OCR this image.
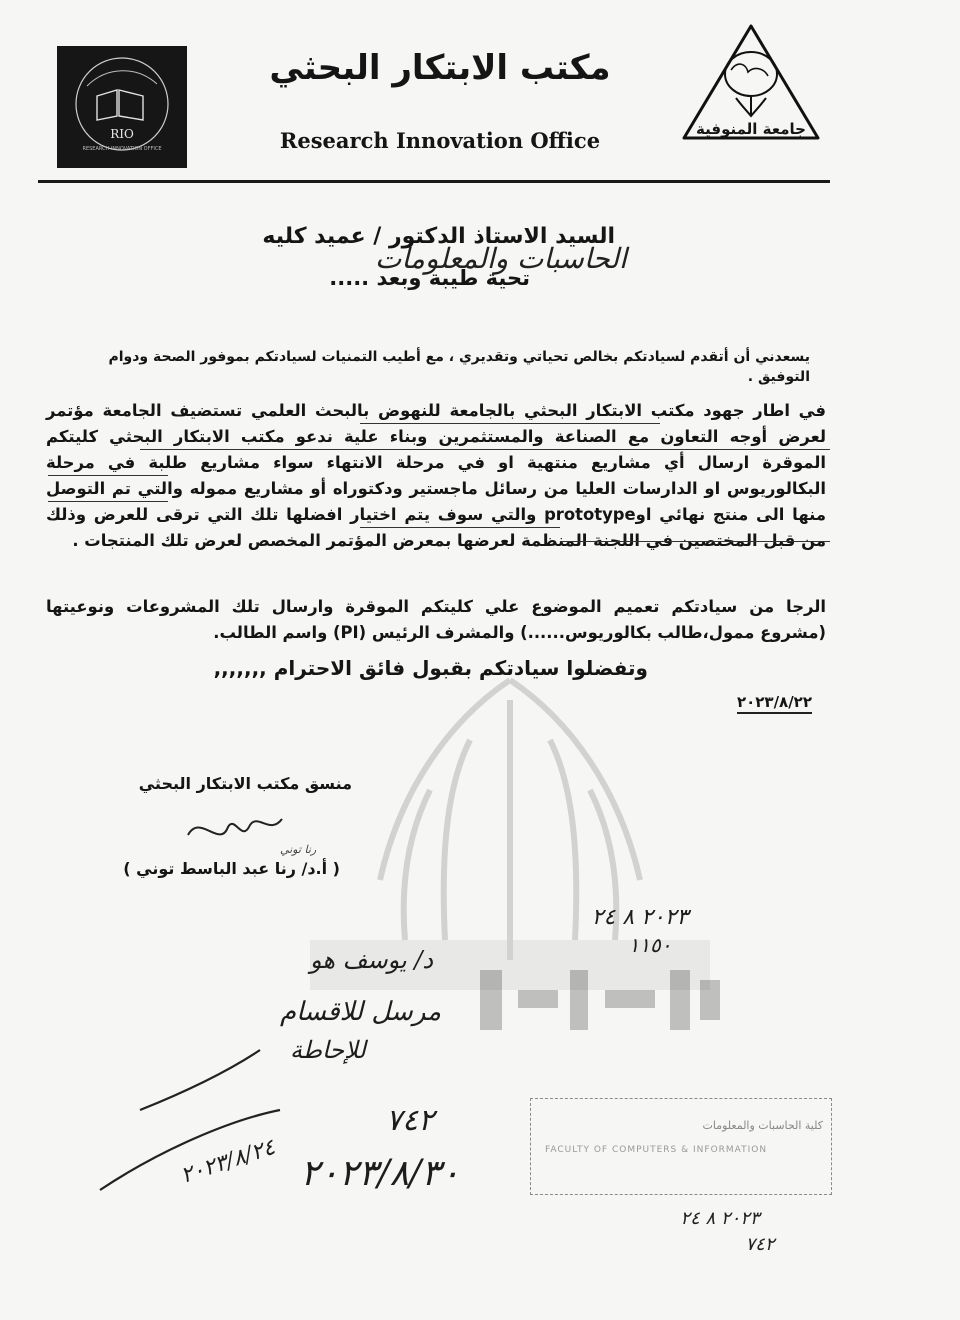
RIO
RESEARCH INNOVATION OFFICE
مكتب الابتكار البحثي
Research Innovation Office	جامعة المنوفية
السيد الاستاذ الدكتور / عميد كليه
الحاسبات والمعلومات
تحية طيبة وبعد .....
يسعدني أن أتقدم لسيادتكم بخالص تحياتي وتقديري ، مع أطيب التمنيات لسيادتكم بموفور الصحة ودوام التوفيق .
في اطار جهود مكتب الابتكار البحثي بالجامعة للنهوض بالبحث العلمي تستضيف الجامعة مؤتمر لعرض أوجه التعاون مع الصناعة والمستثمرين وبناء علية ندعو مكتب الابتكار البحثي كليتكم الموقرة ارسال أي مشاريع منتهية او في مرحلة الانتهاء سواء مشاريع طلبة في مرحلة البكالوريوس او الدارسات العليا من رسائل ماجستير ودكتوراه أو مشاريع مموله والتي تم التوصل منها الى منتج نهائي اوprototype والتي سوف يتم اختيار افضلها تلك التي ترقى للعرض وذلك من قبل المختصين في اللجنة المنظمة لعرضها بمعرض المؤتمر المخصص لعرض تلك المنتجات .
الرجا من سيادتكم تعميم الموضوع علي كليتكم الموقرة وارسال تلك المشروعات ونوعيتها (مشروع ممول،طالب بكالوريوس......) والمشرف الرئيس (PI) واسم الطالب.
وتفضلوا سيادتكم بقبول فائق الاحترام ,,,,,,,
٢٠٢٣/٨/٢٢
منسق مكتب الابتكار البحثي
رنا توني
( أ.د/ رنا عبد الباسط توني )
٢٠٢٣ ٨ ٢٤
١١٥٠
د/ يوسف هو
مرسل للاقسام
للإحاطة
٢٠٢٣/٨/٢٤
٧٤٢
٢٠٢٣/٨/٣٠
كلية الحاسبات والمعلومات
FACULTY OF COMPUTERS & INFORMATION
٢٠٢٣ ٨ ٢٤
٧٤٢
